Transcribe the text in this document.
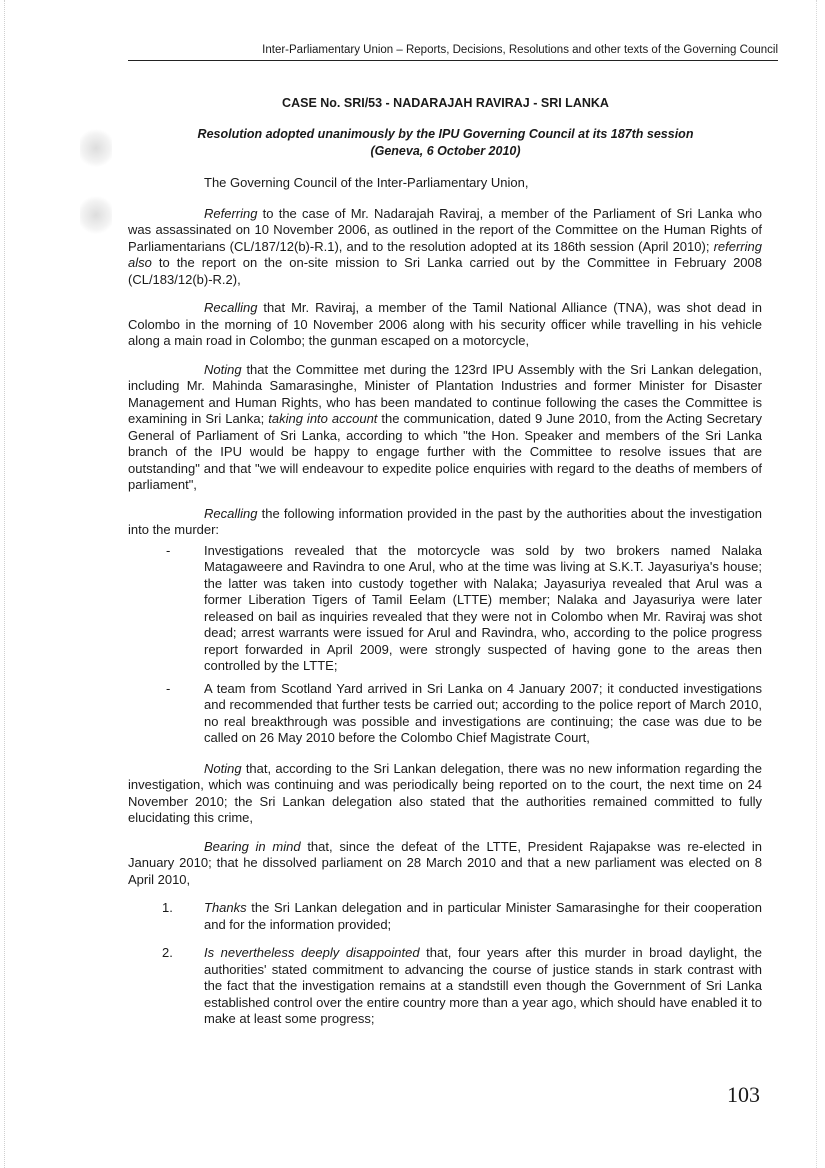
Inter-Parliamentary Union – Reports, Decisions, Resolutions and other texts of the Governing Council
CASE No. SRI/53 - NADARAJAH RAVIRAJ - SRI LANKA
Resolution adopted unanimously by the IPU Governing Council at its 187th session
(Geneva, 6 October 2010)

The Governing Council of the Inter-Parliamentary Union,

Referring to the case of Mr. Nadarajah Raviraj, a member of the Parliament of Sri Lanka who was assassinated on 10 November 2006, as outlined in the report of the Committee on the Human Rights of Parliamentarians (CL/187/12(b)-R.1), and to the resolution adopted at its 186th session (April 2010); referring also to the report on the on-site mission to Sri Lanka carried out by the Committee in February 2008 (CL/183/12(b)-R.2),

Recalling that Mr. Raviraj, a member of the Tamil National Alliance (TNA), was shot dead in Colombo in the morning of 10 November 2006 along with his security officer while travelling in his vehicle along a main road in Colombo; the gunman escaped on a motorcycle,

Noting that the Committee met during the 123rd IPU Assembly with the Sri Lankan delegation, including Mr. Mahinda Samarasinghe, Minister of Plantation Industries and former Minister for Disaster Management and Human Rights, who has been mandated to continue following the cases the Committee is examining in Sri Lanka; taking into account the communication, dated 9 June 2010, from the Acting Secretary General of Parliament of Sri Lanka, according to which "the Hon. Speaker and members of the Sri Lanka branch of the IPU would be happy to engage further with the Committee to resolve issues that are outstanding" and that "we will endeavour to expedite police enquiries with regard to the deaths of members of parliament",

Recalling the following information provided in the past by the authorities about the investigation into the murder:

-	Investigations revealed that the motorcycle was sold by two brokers named Nalaka Matagaweere and Ravindra to one Arul, who at the time was living at S.K.T. Jayasuriya's house; the latter was taken into custody together with Nalaka; Jayasuriya revealed that Arul was a former Liberation Tigers of Tamil Eelam (LTTE) member; Nalaka and Jayasuriya were later released on bail as inquiries revealed that they were not in Colombo when Mr. Raviraj was shot dead; arrest warrants were issued for Arul and Ravindra, who, according to the police progress report forwarded in April 2009, were strongly suspected of having gone to the areas then controlled by the LTTE;
-	A team from Scotland Yard arrived in Sri Lanka on 4 January 2007; it conducted investigations and recommended that further tests be carried out; according to the police report of March 2010, no real breakthrough was possible and investigations are continuing; the case was due to be called on 26 May 2010 before the Colombo Chief Magistrate Court,

Noting that, according to the Sri Lankan delegation, there was no new information regarding the investigation, which was continuing and was periodically being reported on to the court, the next time on 24 November 2010; the Sri Lankan delegation also stated that the authorities remained committed to fully elucidating this crime,

Bearing in mind that, since the defeat of the LTTE, President Rajapakse was re-elected in January 2010; that he dissolved parliament on 28 March 2010 and that a new parliament was elected on 8 April 2010,

1. Thanks the Sri Lankan delegation and in particular Minister Samarasinghe for their cooperation and for the information provided;
2. Is nevertheless deeply disappointed that, four years after this murder in broad daylight, the authorities' stated commitment to advancing the course of justice stands in stark contrast with the fact that the investigation remains at a standstill even though the Government of Sri Lanka established control over the entire country more than a year ago, which should have enabled it to make at least some progress;
103
